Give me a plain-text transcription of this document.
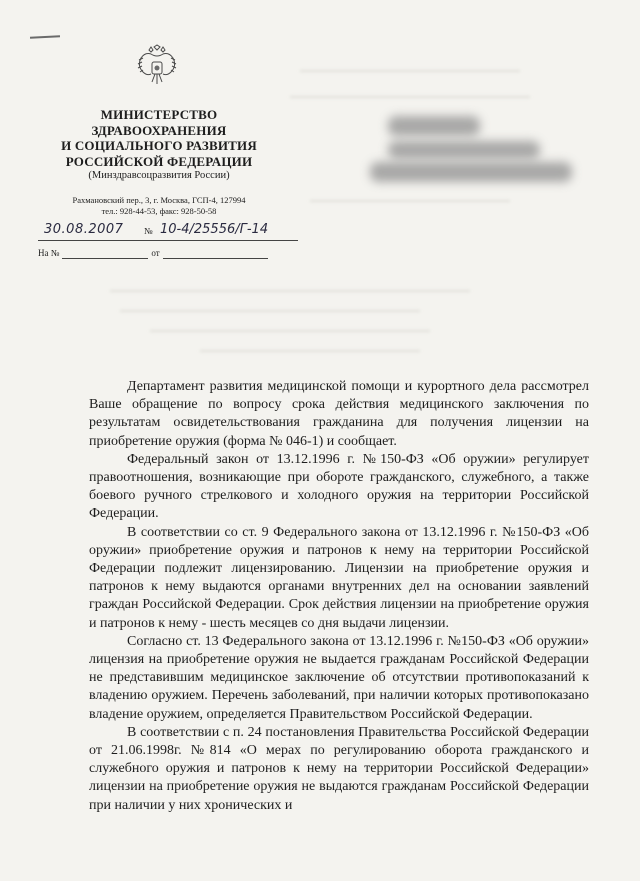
МИНИСТЕРСТВО
ЗДРАВООХРАНЕНИЯ
И СОЦИАЛЬНОГО РАЗВИТИЯ
РОССИЙСКОЙ ФЕДЕРАЦИИ
(Минздравсоцразвития России)
Рахмановский пер., 3, г. Москва, ГСП-4, 127994
тел.: 928-44-53, факс: 928-50-58
30.08.2007 № 10-4/25556/Г-14
На №	от

Департамент развития медицинской помощи и курортного дела рассмотрел Ваше обращение по вопросу срока действия медицинского заключения по результатам освидетельствования гражданина для получения лицензии на приобретение оружия (форма № 046-1) и сообщает.

Федеральный закон от 13.12.1996 г. №150-ФЗ «Об оружии» регулирует правоотношения, возникающие при обороте гражданского, служебного, а также боевого ручного стрелкового и холодного оружия на территории Российской Федерации.

В соответствии со ст. 9 Федерального закона от 13.12.1996 г. №150-ФЗ «Об оружии» приобретение оружия и патронов к нему на территории Российской Федерации подлежит лицензированию. Лицензии на приобретение оружия и патронов к нему выдаются органами внутренних дел на основании заявлений граждан Российской Федерации. Срок действия лицензии на приобретение оружия и патронов к нему - шесть месяцев со дня выдачи лицензии.

Согласно ст. 13 Федерального закона от 13.12.1996 г. №150-ФЗ «Об оружии» лицензия на приобретение оружия не выдается гражданам Российской Федерации не представившим медицинское заключение об отсутствии противопоказаний к владению оружием. Перечень заболеваний, при наличии которых противопоказано владение оружием, определяется Правительством Российской Федерации.

В соответствии с п. 24 постановления Правительства Российской Федерации от 21.06.1998г. №814 «О мерах по регулированию оборота гражданского и служебного оружия и патронов к нему на территории Российской Федерации» лицензии на приобретение оружия не выдаются гражданам Российской Федерации при наличии у них хронических и
